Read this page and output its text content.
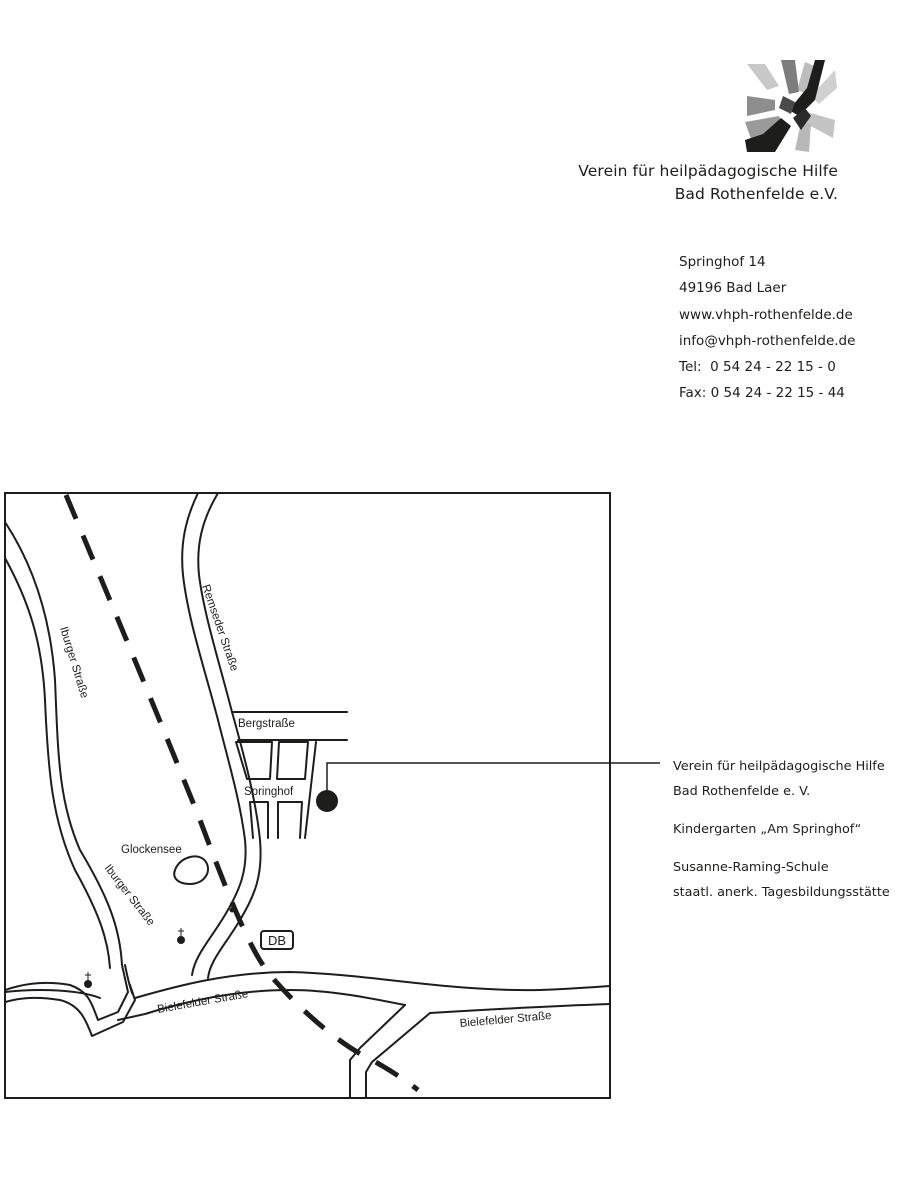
Verein für heilpädagogische Hilfe
Bad Rothenfelde e.V.
Springhof 14
49196 Bad Laer
www.vhph-rothenfelde.de
info@vhph-rothenfelde.de
Tel:  0 54 24 - 22 15 - 0
Fax: 0 54 24 - 22 15 - 44
DB
Iburger Straße	Remseder Straße
Bergstraße
Springhof
Glockensee
Iburger Straße
Bielefelder Straße
Bielefelder Straße
Verein für heilpädagogische Hilfe
Bad Rothenfelde e. V.
Kindergarten „Am Springhof“
Susanne-Raming-Schule
staatl. anerk. Tagesbildungsstätte
